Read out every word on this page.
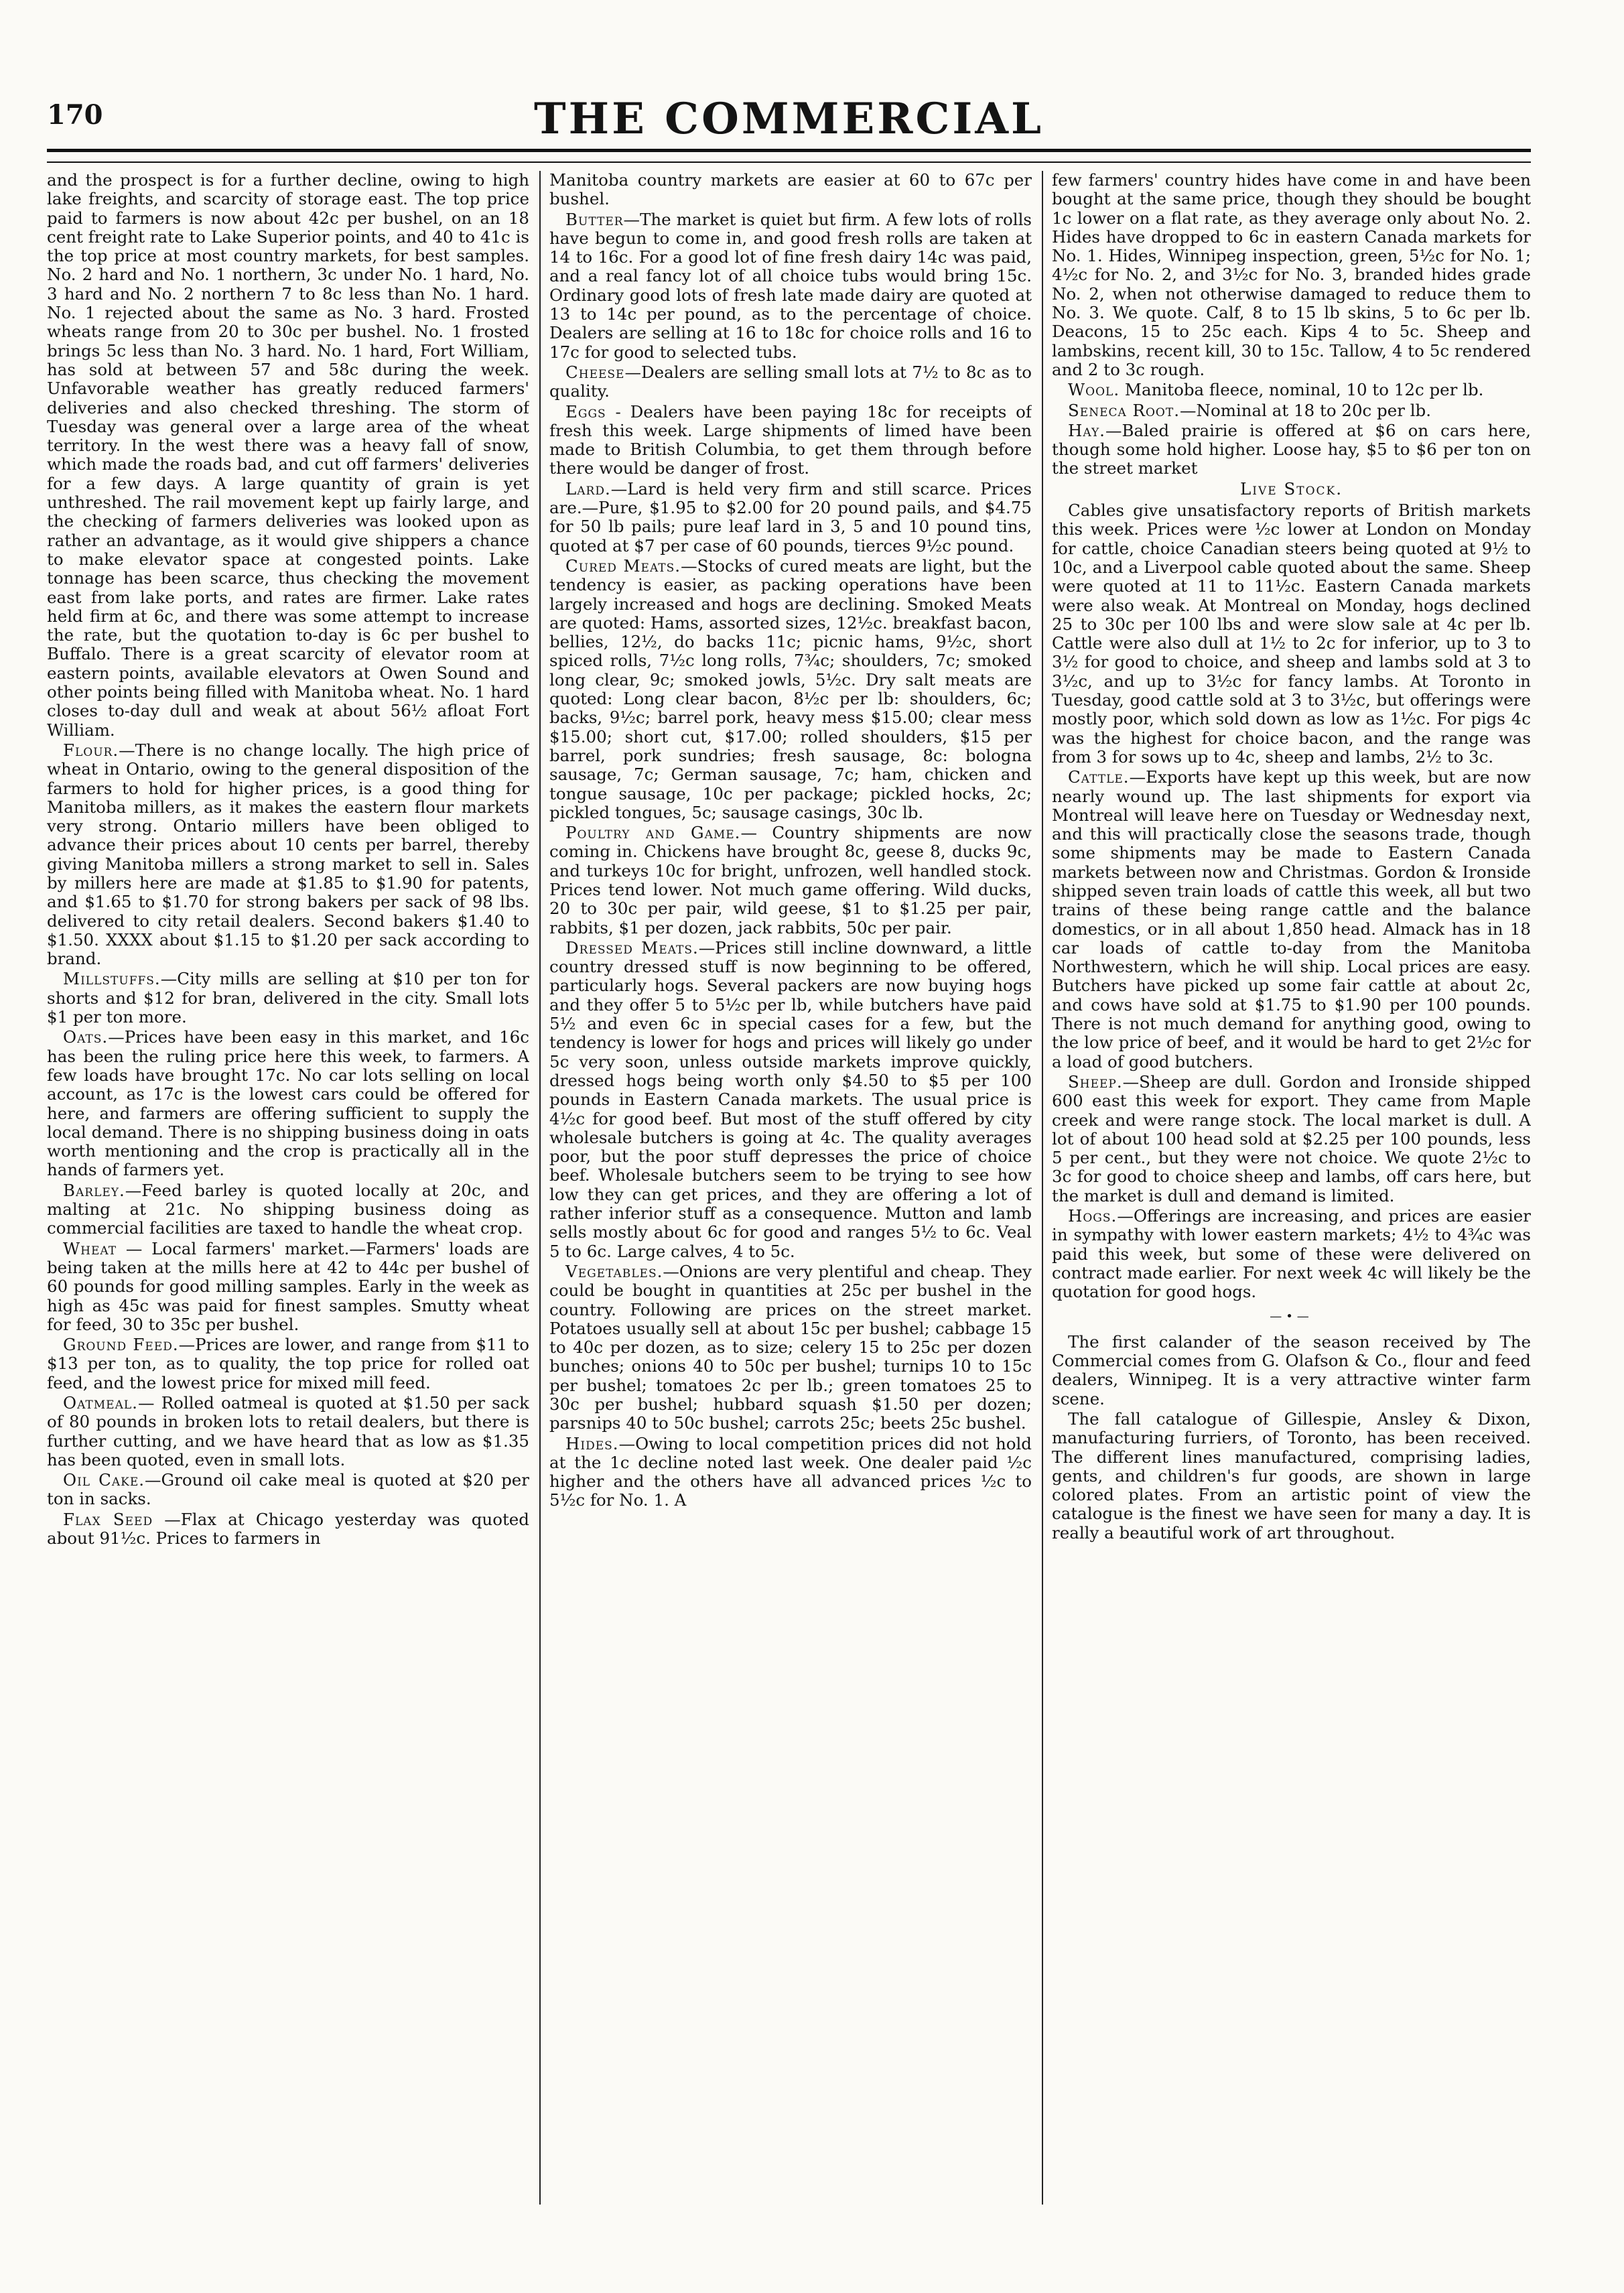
170	THE COMMERCIAL

and the prospect is for a further decline, owing to high lake freights, and scarcity of storage east. The top price paid to farmers is now about 42c per bushel, on an 18 cent freight rate to Lake Superior points, and 40 to 41c is the top price at most country markets, for best samples. No. 2 hard and No. 1 northern, 3c under No. 1 hard, No. 3 hard and No. 2 northern 7 to 8c less than No. 1 hard. No. 1 rejected about the same as No. 3 hard. Frosted wheats range from 20 to 30c per bushel. No. 1 frosted brings 5c less than No. 3 hard. No. 1 hard, Fort William, has sold at between 57 and 58c during the week. Unfavorable weather has greatly reduced farmers' deliveries and also checked threshing. The storm of Tuesday was general over a large area of the wheat territory. In the west there was a heavy fall of snow, which made the roads bad, and cut off farmers' deliveries for a few days. A large quantity of grain is yet unthreshed. The rail movement kept up fairly large, and the checking of farmers deliveries was looked upon as rather an advantage, as it would give shippers a chance to make elevator space at congested points. Lake tonnage has been scarce, thus checking the movement east from lake ports, and rates are firmer. Lake rates held firm at 6c, and there was some attempt to increase the rate, but the quotation to-day is 6c per bushel to Buffalo. There is a great scarcity of elevator room at eastern points, available elevators at Owen Sound and other points being filled with Manitoba wheat. No. 1 hard closes to-day dull and weak at about 56½ afloat Fort William.

Flour.—There is no change locally. The high price of wheat in Ontario, owing to the general disposition of the farmers to hold for higher prices, is a good thing for Manitoba millers, as it makes the eastern flour markets very strong. Ontario millers have been obliged to advance their prices about 10 cents per barrel, thereby giving Manitoba millers a strong market to sell in. Sales by millers here are made at $1.85 to $1.90 for patents, and $1.65 to $1.70 for strong bakers per sack of 98 lbs. delivered to city retail dealers. Second bakers $1.40 to $1.50. XXXX about $1.15 to $1.20 per sack according to brand.

Millstuffs.—City mills are selling at $10 per ton for shorts and $12 for bran, delivered in the city. Small lots $1 per ton more.

Oats.—Prices have been easy in this market, and 16c has been the ruling price here this week, to farmers. A few loads have brought 17c. No car lots selling on local account, as 17c is the lowest cars could be offered for here, and farmers are offering sufficient to supply the local demand. There is no shipping business doing in oats worth mentioning and the crop is practically all in the hands of farmers yet.

Barley.—Feed barley is quoted locally at 20c, and malting at 21c. No shipping business doing as commercial facilities are taxed to handle the wheat crop.

Wheat — Local farmers' market.—Farmers' loads are being taken at the mills here at 42 to 44c per bushel of 60 pounds for good milling samples. Early in the week as high as 45c was paid for finest samples. Smutty wheat for feed, 30 to 35c per bushel.

Ground Feed.—Prices are lower, and range from $11 to $13 per ton, as to quality, the top price for rolled oat feed, and the lowest price for mixed mill feed.

Oatmeal.— Rolled oatmeal is quoted at $1.50 per sack of 80 pounds in broken lots to retail dealers, but there is further cutting, and we have heard that as low as $1.35 has been quoted, even in small lots.

Oil Cake.—Ground oil cake meal is quoted at $20 per ton in sacks.

Flax Seed —Flax at Chicago yesterday was quoted about 91½c. Prices to farmers in

Manitoba country markets are easier at 60 to 67c per bushel.

Butter—The market is quiet but firm. A few lots of rolls have begun to come in, and good fresh rolls are taken at 14 to 16c. For a good lot of fine fresh dairy 14c was paid, and a real fancy lot of all choice tubs would bring 15c. Ordinary good lots of fresh late made dairy are quoted at 13 to 14c per pound, as to the percentage of choice. Dealers are selling at 16 to 18c for choice rolls and 16 to 17c for good to selected tubs.

Cheese—Dealers are selling small lots at 7½ to 8c as to quality.

Eggs - Dealers have been paying 18c for receipts of fresh this week. Large shipments of limed have been made to British Columbia, to get them through before there would be danger of frost.

Lard.—Lard is held very firm and still scarce. Prices are.—Pure, $1.95 to $2.00 for 20 pound pails, and $4.75 for 50 lb pails; pure leaf lard in 3, 5 and 10 pound tins, quoted at $7 per case of 60 pounds, tierces 9½c pound.

Cured Meats.—Stocks of cured meats are light, but the tendency is easier, as packing operations have been largely increased and hogs are declining. Smoked Meats are quoted: Hams, assorted sizes, 12½c. breakfast bacon, bellies, 12½, do backs 11c; picnic hams, 9½c, short spiced rolls, 7½c long rolls, 7¾c; shoulders, 7c; smoked long clear, 9c; smoked jowls, 5½c. Dry salt meats are quoted: Long clear bacon, 8½c per lb: shoulders, 6c; backs, 9½c; barrel pork, heavy mess $15.00; clear mess $15.00; short cut, $17.00; rolled shoulders, $15 per barrel, pork sundries; fresh sausage, 8c: bologna sausage, 7c; German sausage, 7c; ham, chicken and tongue sausage, 10c per package; pickled hocks, 2c; pickled tongues, 5c; sausage casings, 30c lb.

Poultry and Game.— Country shipments are now coming in. Chickens have brought 8c, geese 8, ducks 9c, and turkeys 10c for bright, unfrozen, well handled stock. Prices tend lower. Not much game offering. Wild ducks, 20 to 30c per pair, wild geese, $1 to $1.25 per pair, rabbits, $1 per dozen, jack rabbits, 50c per pair.

Dressed Meats.—Prices still incline downward, a little country dressed stuff is now beginning to be offered, particularly hogs. Several packers are now buying hogs and they offer 5 to 5½c per lb, while butchers have paid 5½ and even 6c in special cases for a few, but the tendency is lower for hogs and prices will likely go under 5c very soon, unless outside markets improve quickly, dressed hogs being worth only $4.50 to $5 per 100 pounds in Eastern Canada markets. The usual price is 4½c for good beef. But most of the stuff offered by city wholesale butchers is going at 4c. The quality averages poor, but the poor stuff depresses the price of choice beef. Wholesale butchers seem to be trying to see how low they can get prices, and they are offering a lot of rather inferior stuff as a consequence. Mutton and lamb sells mostly about 6c for good and ranges 5½ to 6c. Veal 5 to 6c. Large calves, 4 to 5c.

Vegetables.—Onions are very plentiful and cheap. They could be bought in quantities at 25c per bushel in the country. Following are prices on the street market. Potatoes usually sell at about 15c per bushel; cabbage 15 to 40c per dozen, as to size; celery 15 to 25c per dozen bunches; onions 40 to 50c per bushel; turnips 10 to 15c per bushel; tomatoes 2c per lb.; green tomatoes 25 to 30c per bushel; hubbard squash $1.50 per dozen; parsnips 40 to 50c bushel; carrots 25c; beets 25c bushel.

Hides.—Owing to local competition prices did not hold at the 1c decline noted last week. One dealer paid ½c higher and the others have all advanced prices ½c to 5½c for No. 1. A

few farmers' country hides have come in and have been bought at the same price, though they should be bought 1c lower on a flat rate, as they average only about No. 2. Hides have dropped to 6c in eastern Canada markets for No. 1. Hides, Winnipeg inspection, green, 5½c for No. 1; 4½c for No. 2, and 3½c for No. 3, branded hides grade No. 2, when not otherwise damaged to reduce them to No. 3. We quote. Calf, 8 to 15 lb skins, 5 to 6c per lb. Deacons, 15 to 25c each. Kips 4 to 5c. Sheep and lambskins, recent kill, 30 to 15c. Tallow, 4 to 5c rendered and 2 to 3c rough.

Wool. Manitoba fleece, nominal, 10 to 12c per lb.

Seneca Root.—Nominal at 18 to 20c per lb.

Hay.—Baled prairie is offered at $6 on cars here, though some hold higher. Loose hay, $5 to $6 per ton on the street market

Live Stock.

Cables give unsatisfactory reports of British markets this week. Prices were ½c lower at London on Monday for cattle, choice Canadian steers being quoted at 9½ to 10c, and a Liverpool cable quoted about the same. Sheep were quoted at 11 to 11½c. Eastern Canada markets were also weak. At Montreal on Monday, hogs declined 25 to 30c per 100 lbs and were slow sale at 4c per lb. Cattle were also dull at 1½ to 2c for inferior, up to 3 to 3½ for good to choice, and sheep and lambs sold at 3 to 3½c, and up to 3½c for fancy lambs. At Toronto in Tuesday, good cattle sold at 3 to 3½c, but offerings were mostly poor, which sold down as low as 1½c. For pigs 4c was the highest for choice bacon, and the range was from 3 for sows up to 4c, sheep and lambs, 2½ to 3c.

Cattle.—Exports have kept up this week, but are now nearly wound up. The last shipments for export via Montreal will leave here on Tuesday or Wednesday next, and this will practically close the seasons trade, though some shipments may be made to Eastern Canada markets between now and Christmas. Gordon & Ironside shipped seven train loads of cattle this week, all but two trains of these being range cattle and the balance domestics, or in all about 1,850 head. Almack has in 18 car loads of cattle to-day from the Manitoba Northwestern, which he will ship. Local prices are easy. Butchers have picked up some fair cattle at about 2c, and cows have sold at $1.75 to $1.90 per 100 pounds. There is not much demand for anything good, owing to the low price of beef, and it would be hard to get 2½c for a load of good butchers.

Sheep.—Sheep are dull. Gordon and Ironside shipped 600 east this week for export. They came from Maple creek and were range stock. The local market is dull. A lot of about 100 head sold at $2.25 per 100 pounds, less 5 per cent., but they were not choice. We quote 2½c to 3c for good to choice sheep and lambs, off cars here, but the market is dull and demand is limited.

Hogs.—Offerings are increasing, and prices are easier in sympathy with lower eastern markets; 4½ to 4¾c was paid this week, but some of these were delivered on contract made earlier. For next week 4c will likely be the quotation for good hogs.

—•—

The first calander of the season received by The Commercial comes from G. Olafson & Co., flour and feed dealers, Winnipeg. It is a very attractive winter farm scene.

The fall catalogue of Gillespie, Ansley & Dixon, manufacturing furriers, of Toronto, has been received. The different lines manufactured, comprising ladies, gents, and children's fur goods, are shown in large colored plates. From an artistic point of view the catalogue is the finest we have seen for many a day. It is really a beautiful work of art throughout.
